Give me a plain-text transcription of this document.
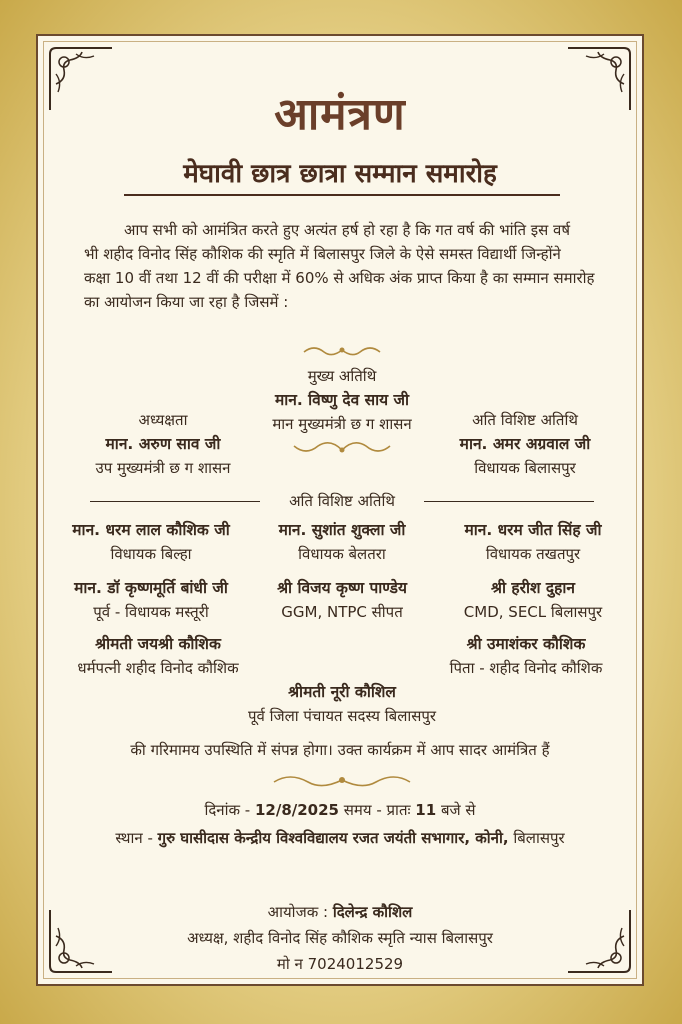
आमंत्रण
मेघावी छात्र छात्रा सम्मान समारोह
आप सभी को आमंत्रित करते हुए अत्यंत हर्ष हो रहा है कि गत वर्ष की भांति इस वर्ष
भी शहीद विनोद सिंह कौशिक की स्मृति में बिलासपुर जिले के ऐसे समस्त विद्यार्थी जिन्होंने
कक्षा 10 वीं तथा 12 वीं की परीक्षा में 60% से अधिक अंक प्राप्त किया है का सम्मान समारोह
का आयोजन किया जा रहा है जिसमें :
मुख्य अतिथि
मान. विष्णु देव साय जी
मान मुख्यमंत्री छ ग शासन
अध्यक्षता
मान. अरुण साव जी
उप मुख्यमंत्री छ ग शासन
अति विशिष्ट अतिथि
मान. अमर अग्रवाल जी
विधायक बिलासपुर
अति विशिष्ट अतिथि
मान. धरम लाल कौशिक जी
विधायक बिल्हा
मान. सुशांत शुक्ला जी
विधायक बेलतरा
मान. धरम जीत सिंह जी
विधायक तखतपुर
मान. डॉ कृष्णमूर्ति बांधी जी
पूर्व - विधायक मस्तूरी
श्री विजय कृष्ण पाण्डेय
GGM, NTPC सीपत
श्री हरीश दुहान
CMD, SECL बिलासपुर
श्रीमती जयश्री कौशिक
धर्मपत्नी शहीद विनोद कौशिक
श्री उमाशंकर कौशिक
पिता - शहीद विनोद कौशिक
श्रीमती नूरी कौशिल
पूर्व जिला पंचायत सदस्य बिलासपुर
की गरिमामय उपस्थिति में संपन्न होगा। उक्त कार्यक्रम में आप सादर आमंत्रित हैं
दिनांक - 12/8/2025 समय - प्रातः 11 बजे से
स्थान - गुरु घासीदास केन्द्रीय विश्वविद्यालय रजत जयंती सभागार, कोनी, बिलासपुर
आयोजक : दिलेन्द्र कौशिल
अध्यक्ष, शहीद विनोद सिंह कौशिक स्मृति न्यास बिलासपुर
मो न 7024012529
